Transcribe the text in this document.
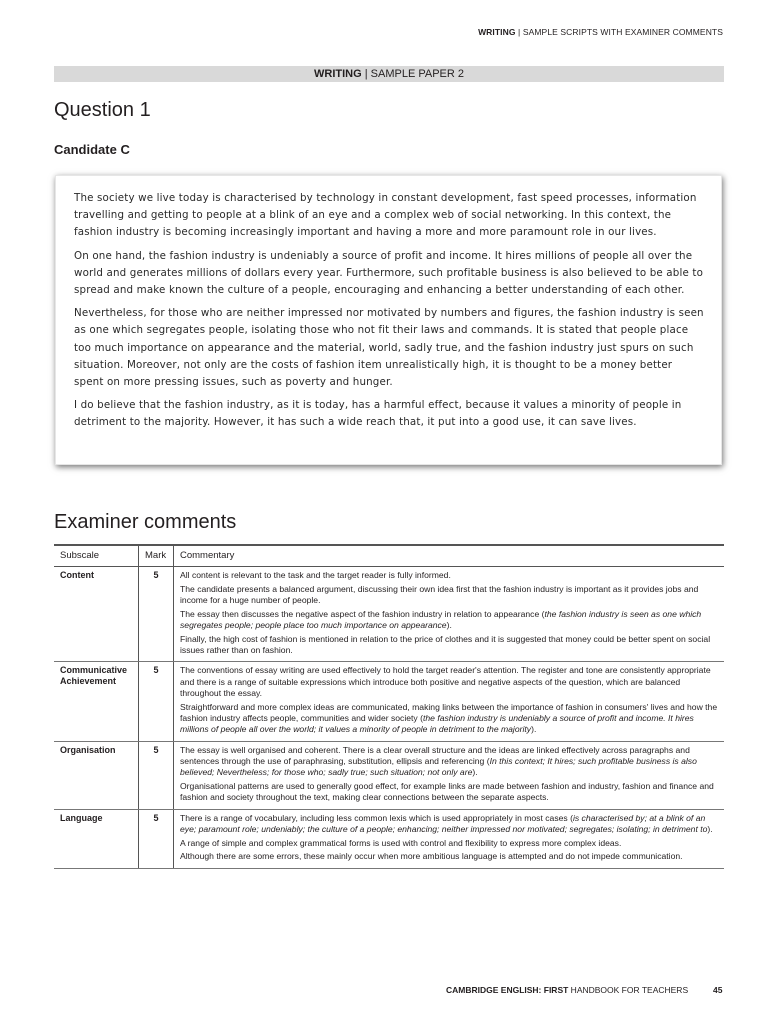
WRITING | SAMPLE SCRIPTS WITH EXAMINER COMMENTS
WRITING | SAMPLE PAPER 2
Question 1
Candidate C

The society we live today is characterised by technology in constant development, fast speed processes, information travelling and getting to people at a blink of an eye and a complex web of social networking. In this context, the fashion industry is becoming increasingly important and having a more and more paramount role in our lives.

On one hand, the fashion industry is undeniably a source of profit and income. It hires millions of people all over the world and generates millions of dollars every year. Furthermore, such profitable business is also believed to be able to spread and make known the culture of a people, encouraging and enhancing a better understanding of each other.

Nevertheless, for those who are neither impressed nor motivated by numbers and figures, the fashion industry is seen as one which segregates people, isolating those who not fit their laws and commands. It is stated that people place too much importance on appearance and the material, world, sadly true, and the fashion industry just spurs on such situation. Moreover, not only are the costs of fashion item unrealistically high, it is thought to be a money better spent on more pressing issues, such as poverty and hunger.

I do believe that the fashion industry, as it is today, has a harmful effect, because it values a minority of people in detriment to the majority. However, it has such a wide reach that, it put into a good use, it can save lives.

Examiner comments
Subscale	Mark	Commentary
Content	5	All content is relevant to the task and the target reader is fully informed.

The candidate presents a balanced argument, discussing their own idea first that the fashion industry is important as it provides jobs and income for a huge number of people.

The essay then discusses the negative aspect of the fashion industry in relation to appearance (the fashion industry is seen as one which segregates people; people place too much importance on appearance).

Finally, the high cost of fashion is mentioned in relation to the price of clothes and it is suggested that money could be better spent on social issues rather than on fashion.

Communicative Achievement	5	The conventions of essay writing are used effectively to hold the target reader's attention. The register and tone are consistently appropriate and there is a range of suitable expressions which introduce both positive and negative aspects of the question, which are balanced throughout the essay.

Straightforward and more complex ideas are communicated, making links between the importance of fashion in consumers' lives and how the fashion industry affects people, communities and wider society (the fashion industry is undeniably a source of profit and income. It hires millions of people all over the world; it values a minority of people in detriment to the majority).

Organisation	5	The essay is well organised and coherent. There is a clear overall structure and the ideas are linked effectively across paragraphs and sentences through the use of paraphrasing, substitution, ellipsis and referencing (In this context; It hires; such profitable business is also believed; Nevertheless; for those who; sadly true; such situation; not only are).

Organisational patterns are used to generally good effect, for example links are made between fashion and industry, fashion and finance and fashion and society throughout the text, making clear connections between the separate aspects.

Language	5	There is a range of vocabulary, including less common lexis which is used appropriately in most cases (is characterised by; at a blink of an eye; paramount role; undeniably; the culture of a people; enhancing; neither impressed nor motivated; segregates; isolating; in detriment to).

A range of simple and complex grammatical forms is used with control and flexibility to express more complex ideas.

Although there are some errors, these mainly occur when more ambitious language is attempted and do not impede communication.

CAMBRIDGE ENGLISH: FIRST HANDBOOK FOR TEACHERS	45
